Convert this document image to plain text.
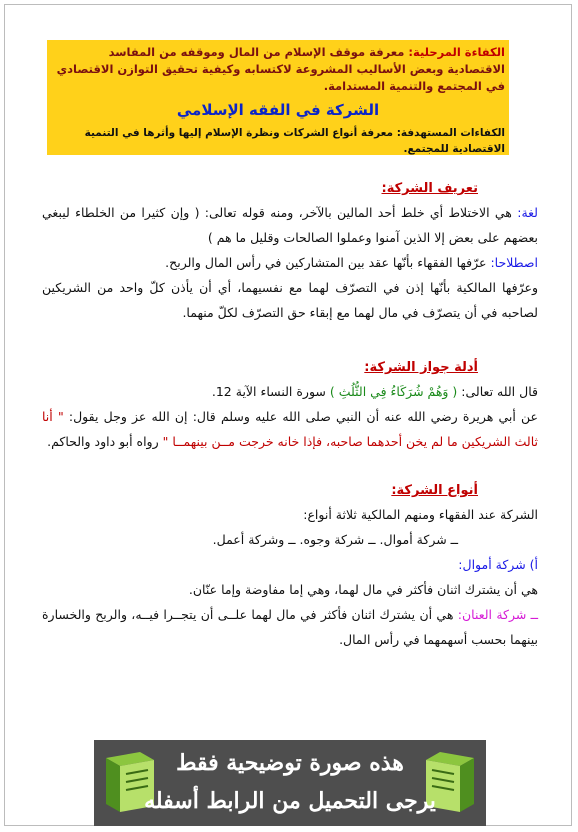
الكفاءة المرحلية: معرفة موقف الإسلام من المال وموقفه من المفاسد الاقتصادية وبعض الأساليب المشروعة لاكتسابه وكيفية تحقيق التوازن الاقتصادي في المجتمع والتنمية المستدامة.
الشركة في الفقه الإسلامي
الكفاءات المستهدفة: معرفة أنواع الشركات ونظرة الإسلام إليها وأثرها في التنمية الاقتصادية للمجتمع.
تعريف الشركة:
لغة: هي الاختلاط أي خلط أحد المالين بالآخر، ومنه قوله تعالى: ( وإن كثيرا من الخلطاء ليبغي بعضهم على بعض إلا الذين آمنوا وعملوا الصالحات وقليل ما هم )
اصطلاحا: عرّفها الفقهاء بأنّها عقد بين المتشاركين في رأس المال والربح.
وعرّفها المالكية بأنّها إذن في التصرّف لهما مع نفسيهما، أي أن يأذن كلّ واحد من الشريكين لصاحبه في أن يتصرّف في مال لهما مع إبقاء حق التصرّف لكلّ منهما.
أدلة جواز الشركة:
قال الله تعالى: ( وَهُمْ شُرَكَاءُ فِي الثُّلُثِ ) سورة النساء الآية 12.
عن أبي هريرة رضي الله عنه أن النبي صلى الله عليه وسلم قال: إن الله عز وجل يقول: " أنا ثالث الشريكين ما لم يخن أحدهما صاحبه، فإذا خانه خرجت مــن بينهمــا " رواه أبو داود والحاكم.
أنواع الشركة:
الشركة عند الفقهاء ومنهم المالكية ثلاثة أنواع:
ــ شركة أموال. ــ شركة وجوه. ــ وشركة أعمل.
أ) شركة أموال:
هي أن يشترك اثنان فأكثر في مال لهما، وهي إما مفاوضة وإما عنّان.
ــ شركة العنان: هي أن يشترك اثنان فأكثر في مال لهما علــى أن يتجــرا فيــه، والربح والخسارة بينهما بحسب أسهمهما في رأس المال.
هذه صورة توضيحية فقط
يرجى التحميل من الرابط أسفله
